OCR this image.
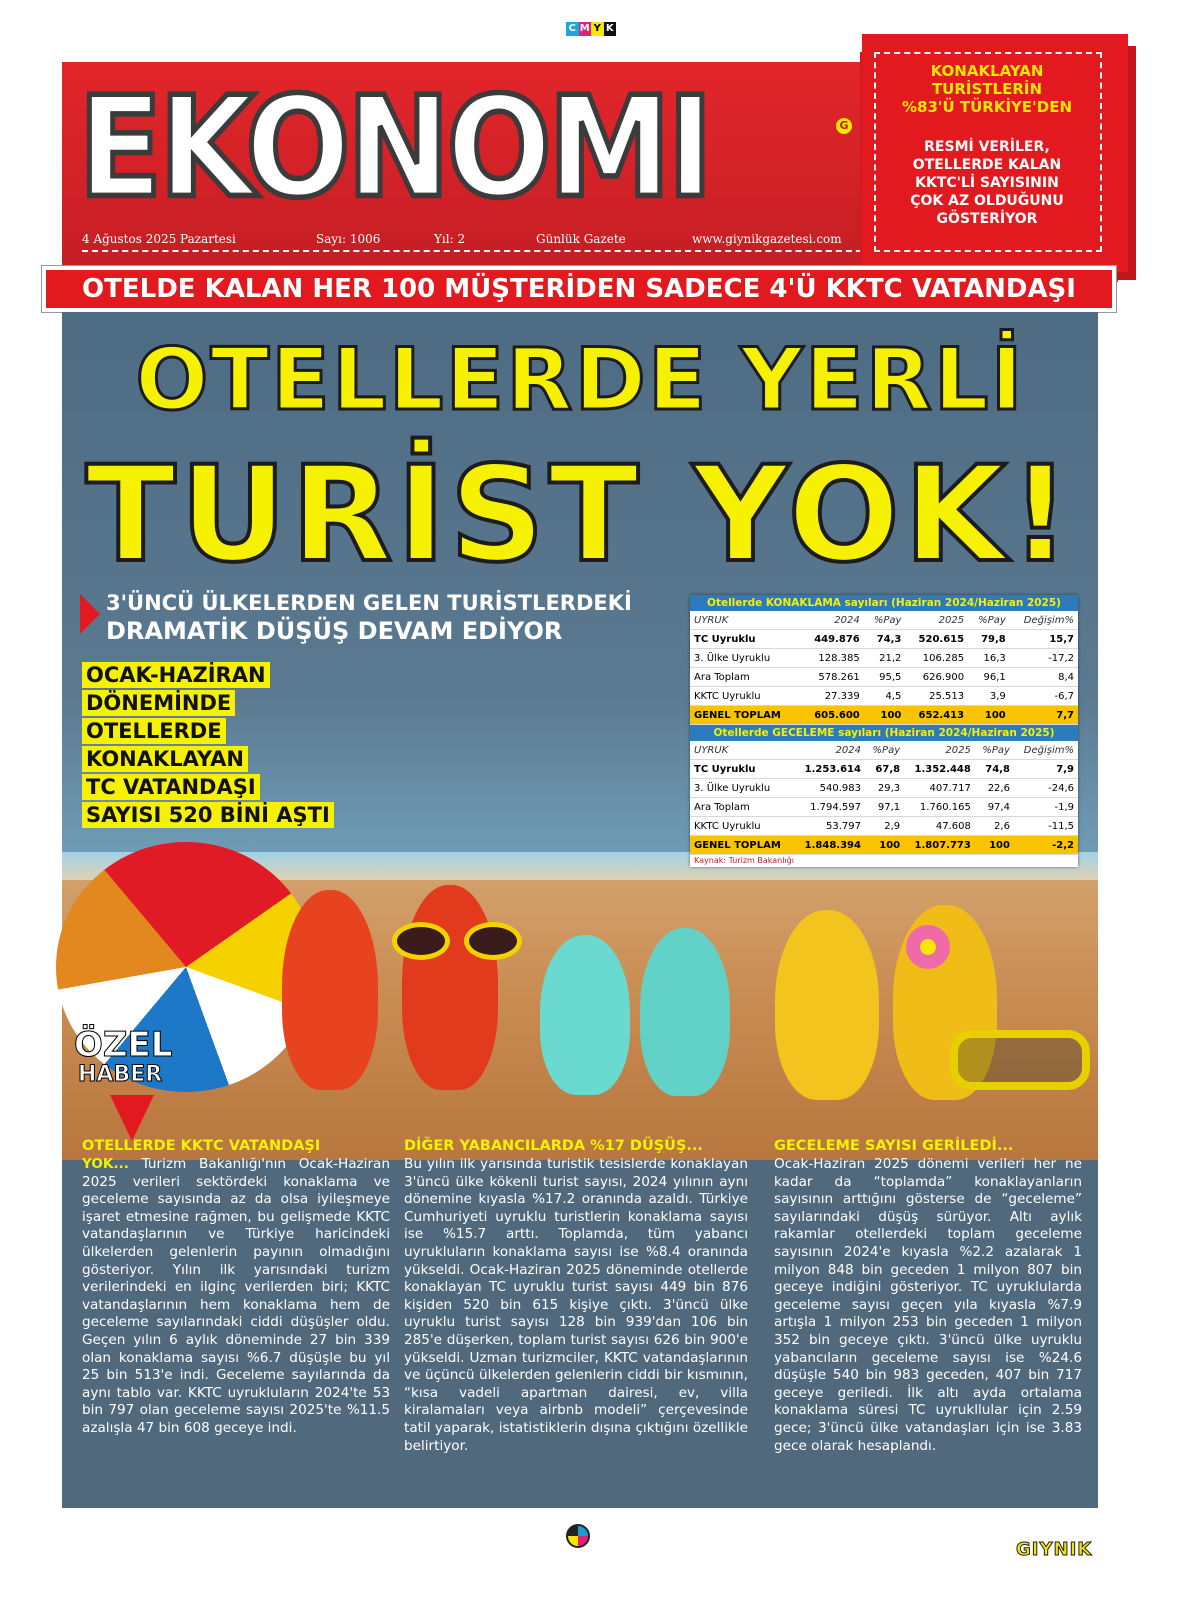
C M Y K
EKONOMI	G
4 Ağustos 2025 Pazartesi	Sayı: 1006	Yıl: 2	Günlük Gazete	www.giynikgazetesi.com
KONAKLAYAN
TURİSTLERİN
%83'Ü TÜRKİYE'DEN
RESMİ VERİLER,
OTELLERDE KALAN
KKTC'Lİ SAYISININ
ÇOK AZ OLDUĞUNU
GÖSTERİYOR
OTELDE KALAN HER 100 MÜŞTERİDEN SADECE 4'Ü KKTC VATANDAŞI
OTELLERDE YERLİ
TURİST YOK!
3'ÜNCÜ ÜLKELERDEN GELEN TURİSTLERDEKİ
DRAMATİK DÜŞÜŞ DEVAM EDİYOR
OCAK-HAZİRAN
DÖNEMİNDE
OTELLERDE
KONAKLAYAN
TC VATANDAŞI
SAYISI 520 BİNİ AŞTI
Otellerde KONAKLAMA sayıları (Haziran 2024/Haziran 2025)
UYRUK	2024	%Pay	2025	%Pay	Değişim%
TC Uyruklu	449.876	74,3	520.615	79,8	15,7
3. Ülke Uyruklu	128.385	21,2	106.285	16,3	-17,2
Ara Toplam	578.261	95,5	626.900	96,1	8,4
KKTC Uyruklu	27.339	4,5	25.513	3,9	-6,7
GENEL TOPLAM	605.600	100	652.413	100	7,7
Otellerde GECELEME sayıları (Haziran 2024/Haziran 2025)
UYRUK	2024	%Pay	2025	%Pay	Değişim%
TC Uyruklu	1.253.614	67,8	1.352.448	74,8	7,9
3. Ülke Uyruklu	540.983	29,3	407.717	22,6	-24,6
Ara Toplam	1.794.597	97,1	1.760.165	97,4	-1,9
KKTC Uyruklu	53.797	2,9	47.608	2,6	-11,5
GENEL TOPLAM	1.848.394	100	1.807.773	100	-2,2
Kaynak: Turizm Bakanlığı
ÖZEL
HABER
OTELLERDE KKTC VATANDAŞI	DİĞER YABANCILARDA %17 DÜŞÜŞ...	GECELEME SAYISI GERİLEDİ...
YOK... Turizm Bakanlığı'nın Ocak-Haziran 2025 verileri sektördeki konaklama ve geceleme sayısında az da olsa iyileşmeye işaret etmesine rağmen, bu gelişmede KKTC vatandaşlarının ve Türkiye haricindeki ülkelerden gelenlerin payının olmadığını gösteriyor. Yılın ilk yarısındaki turizm verilerindeki en ilginç verilerden biri; KKTC vatandaşlarının hem konaklama hem de geceleme sayılarındaki ciddi düşüşler oldu. Geçen yılın 6 aylık döneminde 27 bin 339 olan konaklama sayısı %6.7 düşüşle bu yıl 25 bin 513'e indi. Geceleme sayılarında da aynı tablo var. KKTC uyrukluların 2024'te 53 bin 797 olan geceleme sayısı 2025'te %11.5 azalışla 47 bin 608 geceye indi.
Bu yılın ilk yarısında turistik tesislerde konaklayan 3'üncü ülke kökenli turist sayısı, 2024 yılının aynı dönemine kıyasla %17.2 oranında azaldı. Türkiye Cumhuriyeti uyruklu turistlerin konaklama sayısı ise %15.7 arttı. Toplamda, tüm yabancı uyrukluların konaklama sayısı ise %8.4 oranında yükseldi. Ocak-Haziran 2025 döneminde otellerde konaklayan TC uyruklu turist sayısı 449 bin 876 kişiden 520 bin 615 kişiye çıktı. 3'üncü ülke uyruklu turist sayısı 128 bin 939'dan 106 bin 285'e düşerken, toplam turist sayısı 626 bin 900'e yükseldi. Uzman turizmciler, KKTC vatandaşlarının ve üçüncü ülkelerden gelenlerin ciddi bir kısmının, “kısa vadeli apartman dairesi, ev, villa kiralamaları veya airbnb modeli” çerçevesinde tatil yaparak, istatistiklerin dışına çıktığını özellikle belirtiyor.
Ocak-Haziran 2025 dönemi verileri her ne kadar da “toplamda” konaklayanların sayısının arttığını gösterse de “geceleme” sayılarındaki düşüş sürüyor. Altı aylık rakamlar otellerdeki toplam geceleme sayısının 2024'e kıyasla %2.2 azalarak 1 milyon 848 bin geceden 1 milyon 807 bin geceye indiğini gösteriyor. TC uyruklularda geceleme sayısı geçen yıla kıyasla %7.9 artışla 1 milyon 253 bin geceden 1 milyon 352 bin geceye çıktı. 3'üncü ülke uyruklu yabancıların geceleme sayısı ise %24.6 düşüşle 540 bin 983 geceden, 407 bin 717 geceye geriledi. İlk altı ayda ortalama konaklama süresi TC uyrukllular için 2.59 gece; 3'üncü ülke vatandaşları için ise 3.83 gece olarak hesaplandı.
GIYNIK
